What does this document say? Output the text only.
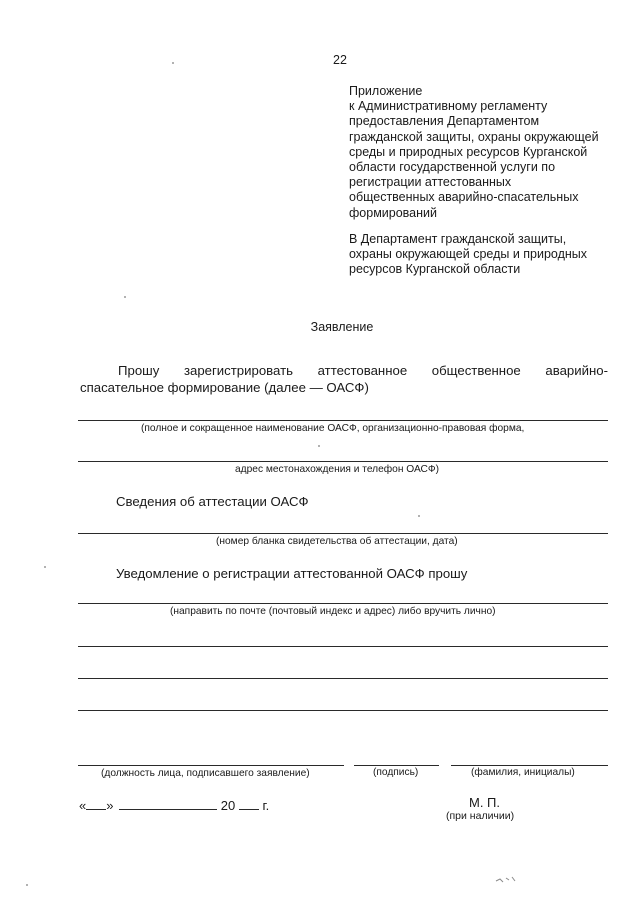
22
Приложение
к Административному регламенту
предоставления Департаментом
гражданской защиты, охраны окружающей
среды и природных ресурсов Курганской
области государственной услуги по
регистрации аттестованных
общественных аварийно-спасательных
формирований
В Департамент гражданской защиты,
охраны окружающей среды и природных
ресурсов Курганской области
Заявление
Прошу зарегистрировать аттестованное общественное аварийно-спасательное формирование (далее — ОАСФ)
(полное и сокращенное наименование ОАСФ, организационно-правовая форма,
адрес местонахождения и телефон ОАСФ)
Сведения об аттестации ОАСФ
(номер бланка свидетельства об аттестации, дата)
Уведомление о регистрации аттестованной ОАСФ прошу
(направить по почте (почтовый индекс и адрес) либо вручить лично)
(должность лица, подписавшего заявление)	(подпись)	(фамилия, инициалы)
« »	20 г.	М. П.
(при наличии)
